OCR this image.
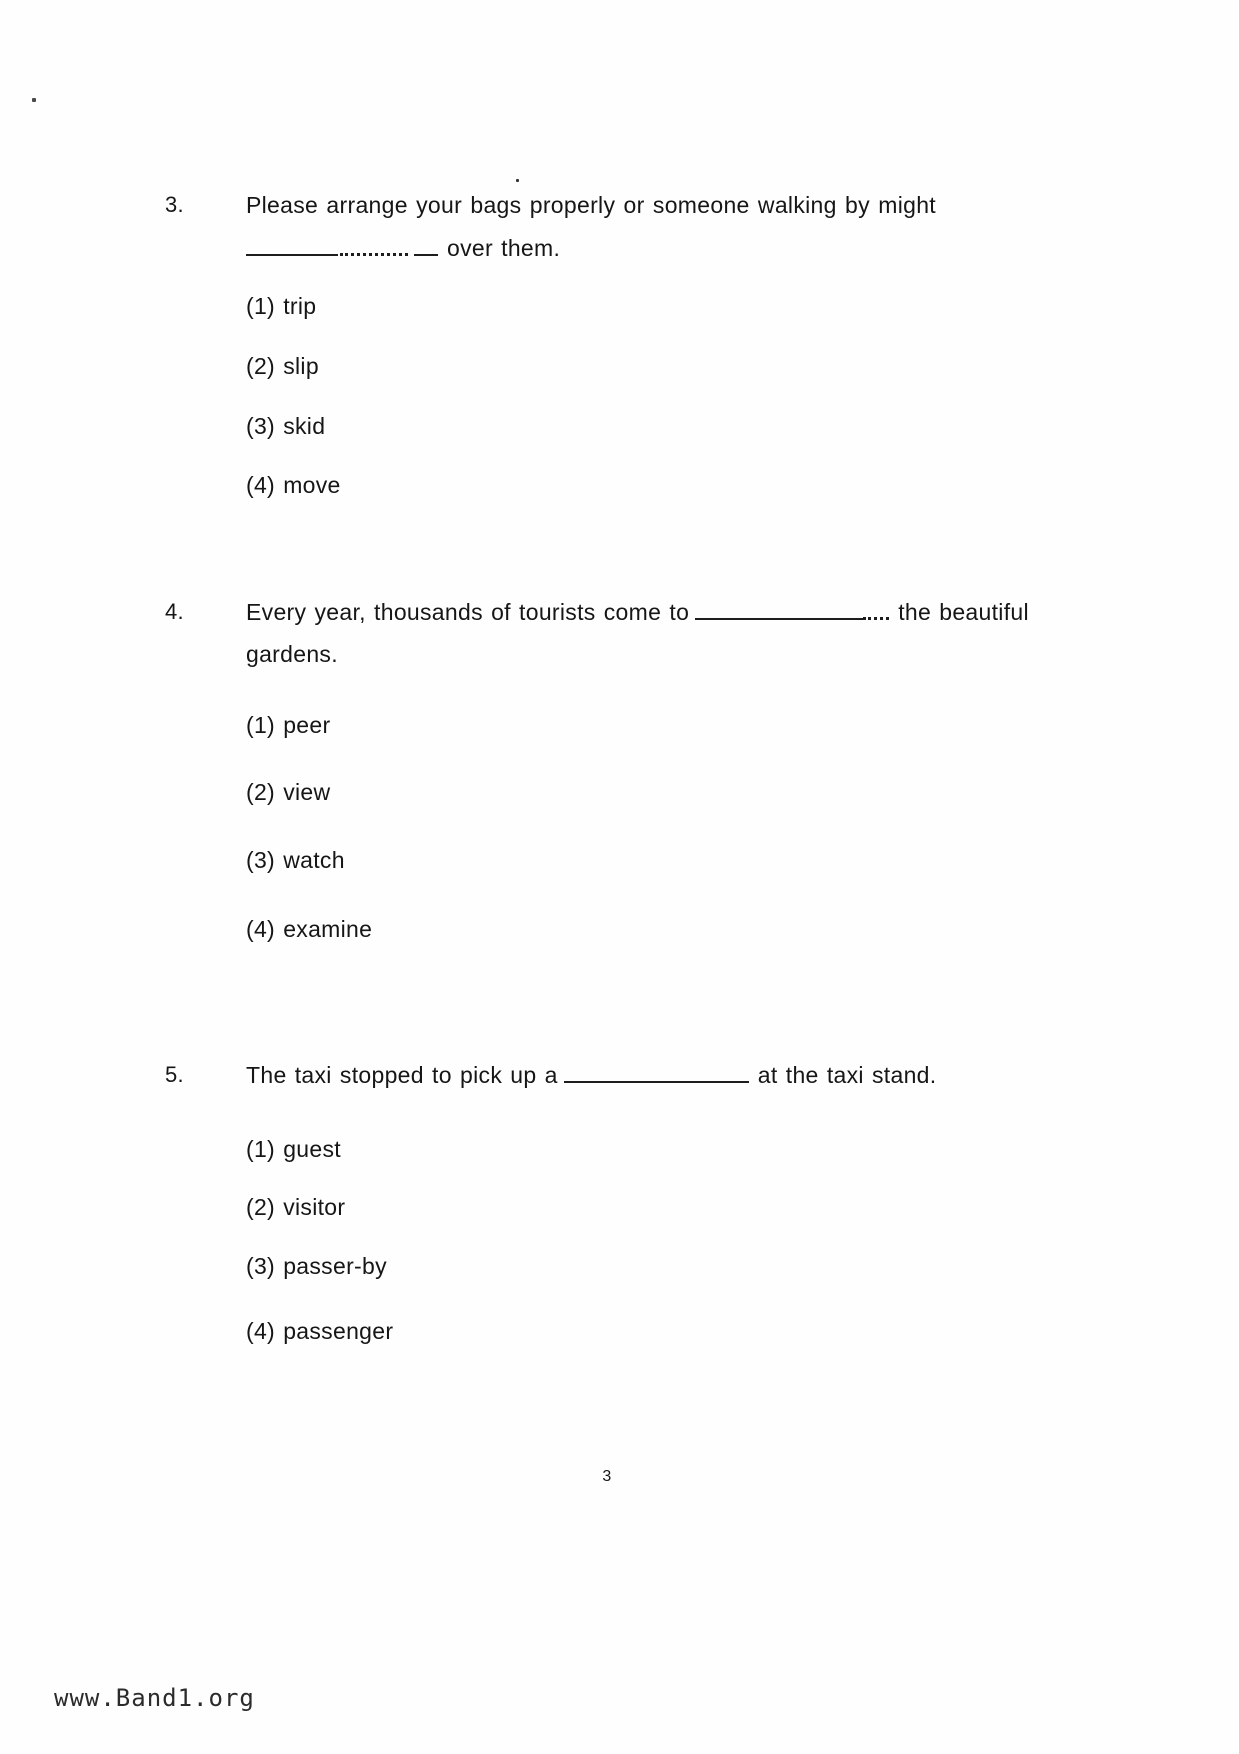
3.	Please arrange your bags properly or someone walking by might
over them.
(1) trip
(2) slip
(3) skid
(4) move
4.	Every year, thousands of tourists come to	the beautiful
gardens.
(1) peer
(2) view
(3) watch
(4) examine
5.	The taxi stopped to pick up a	at the taxi stand.
(1) guest
(2) visitor
(3) passer-by
(4) passenger
3
www.Band1.org
